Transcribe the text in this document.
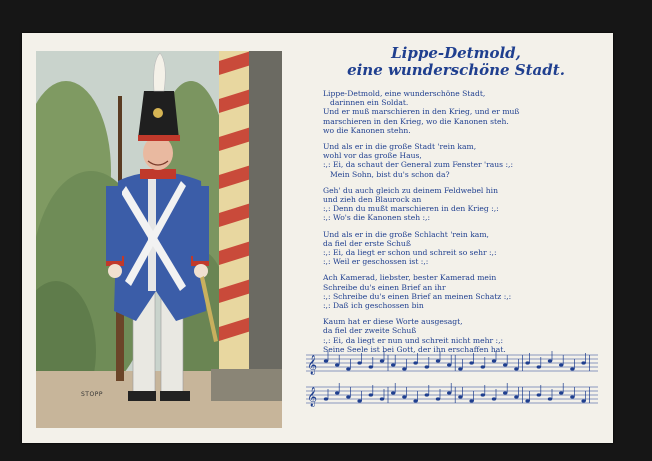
STOPP
Lippe-Detmold,
eine wunderschöne Stadt.
Lippe-Detmold, eine wunderschöne Stadt,
darinnen ein Soldat.
Und er muß marschieren in den Krieg, und er muß
marschieren in den Krieg, wo die Kanonen steh.
wo die Kanonen stehn.
Und als er in die große Stadt 'rein kam,
wohl vor das große Haus,
:,: Ei, da schaut der General zum Fenster 'raus :,:
Mein Sohn, bist du's schon da?
Geh' du auch gleich zu deinem Feldwebel hin
und zieh den Blaurock an
:,: Denn du mußt marschieren in den Krieg :,:
:,: Wo's die Kanonen steh :,:
Und als er in die große Schlacht 'rein kam,
da fiel der erste Schuß
:,: Ei, da liegt er schon und schreit so sehr :,:
:,: Weil er geschossen ist :,:
Ach Kamerad, liebster, bester Kamerad mein
Schreibe du's einen Brief an ihr
:,: Schreibe du's einen Brief an meinen Schatz :,:
:,: Daß ich geschossen bin
Kaum hat er diese Worte ausgesagt,
da fiel der zweite Schuß
:,: Ei, da liegt er nun und schreit nicht mehr :,:
Seine Seele ist bei Gott, der ihn erschaffen hat.
𝄞
𝄞
